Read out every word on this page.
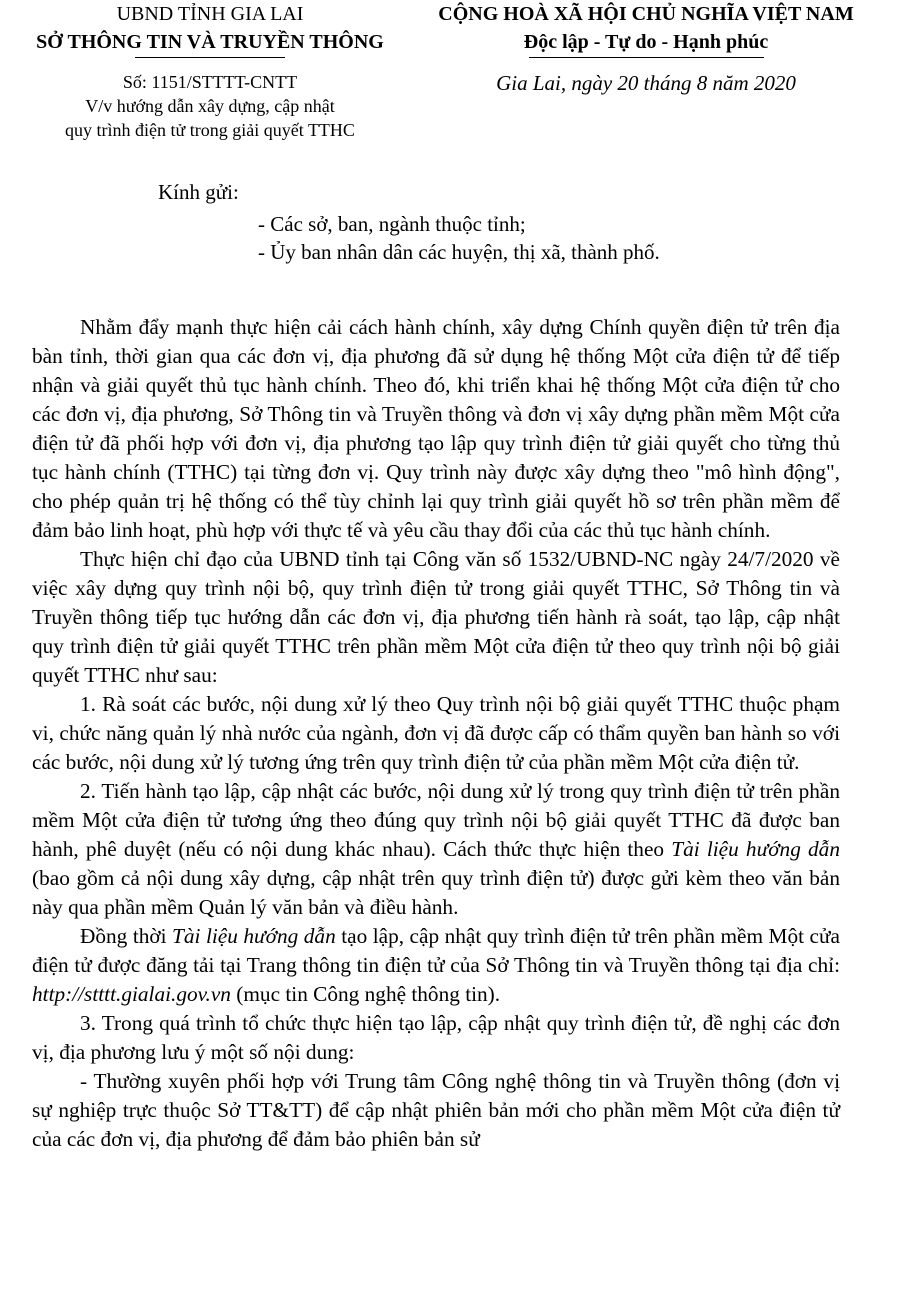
UBND TỈNH GIA LAI
SỞ THÔNG TIN VÀ TRUYỀN THÔNG
Số: 1151/STTTT-CNTT
V/v hướng dẫn xây dựng, cập nhật
quy trình điện tử trong giải quyết TTHC
CỘNG HOÀ XÃ HỘI CHỦ NGHĨA VIỆT NAM
Độc lập - Tự do - Hạnh phúc
Gia Lai, ngày 20 tháng 8 năm 2020
Kính gửi:
- Các sở, ban, ngành thuộc tỉnh;
- Ủy ban nhân dân các huyện, thị xã, thành phố.

Nhằm đẩy mạnh thực hiện cải cách hành chính, xây dựng Chính quyền điện tử trên địa bàn tỉnh, thời gian qua các đơn vị, địa phương đã sử dụng hệ thống Một cửa điện tử để tiếp nhận và giải quyết thủ tục hành chính. Theo đó, khi triển khai hệ thống Một cửa điện tử cho các đơn vị, địa phương, Sở Thông tin và Truyền thông và đơn vị xây dựng phần mềm Một cửa điện tử đã phối hợp với đơn vị, địa phương tạo lập quy trình điện tử giải quyết cho từng thủ tục hành chính (TTHC) tại từng đơn vị. Quy trình này được xây dựng theo "mô hình động", cho phép quản trị hệ thống có thể tùy chỉnh lại quy trình giải quyết hồ sơ trên phần mềm để đảm bảo linh hoạt, phù hợp với thực tế và yêu cầu thay đổi của các thủ tục hành chính.

Thực hiện chỉ đạo của UBND tỉnh tại Công văn số 1532/UBND-NC ngày 24/7/2020 về việc xây dựng quy trình nội bộ, quy trình điện tử trong giải quyết TTHC, Sở Thông tin và Truyền thông tiếp tục hướng dẫn các đơn vị, địa phương tiến hành rà soát, tạo lập, cập nhật quy trình điện tử giải quyết TTHC trên phần mềm Một cửa điện tử theo quy trình nội bộ giải quyết TTHC như sau:

1. Rà soát các bước, nội dung xử lý theo Quy trình nội bộ giải quyết TTHC thuộc phạm vi, chức năng quản lý nhà nước của ngành, đơn vị đã được cấp có thẩm quyền ban hành so với các bước, nội dung xử lý tương ứng trên quy trình điện tử của phần mềm Một cửa điện tử.

2. Tiến hành tạo lập, cập nhật các bước, nội dung xử lý trong quy trình điện tử trên phần mềm Một cửa điện tử tương ứng theo đúng quy trình nội bộ giải quyết TTHC đã được ban hành, phê duyệt (nếu có nội dung khác nhau). Cách thức thực hiện theo Tài liệu hướng dẫn (bao gồm cả nội dung xây dựng, cập nhật trên quy trình điện tử) được gửi kèm theo văn bản này qua phần mềm Quản lý văn bản và điều hành.

Đồng thời Tài liệu hướng dẫn tạo lập, cập nhật quy trình điện tử trên phần mềm Một cửa điện tử được đăng tải tại Trang thông tin điện tử của Sở Thông tin và Truyền thông tại địa chỉ: http://stttt.gialai.gov.vn (mục tin Công nghệ thông tin).

3. Trong quá trình tổ chức thực hiện tạo lập, cập nhật quy trình điện tử, đề nghị các đơn vị, địa phương lưu ý một số nội dung:

- Thường xuyên phối hợp với Trung tâm Công nghệ thông tin và Truyền thông (đơn vị sự nghiệp trực thuộc Sở TT&TT) để cập nhật phiên bản mới cho phần mềm Một cửa điện tử của các đơn vị, địa phương để đảm bảo phiên bản sử
